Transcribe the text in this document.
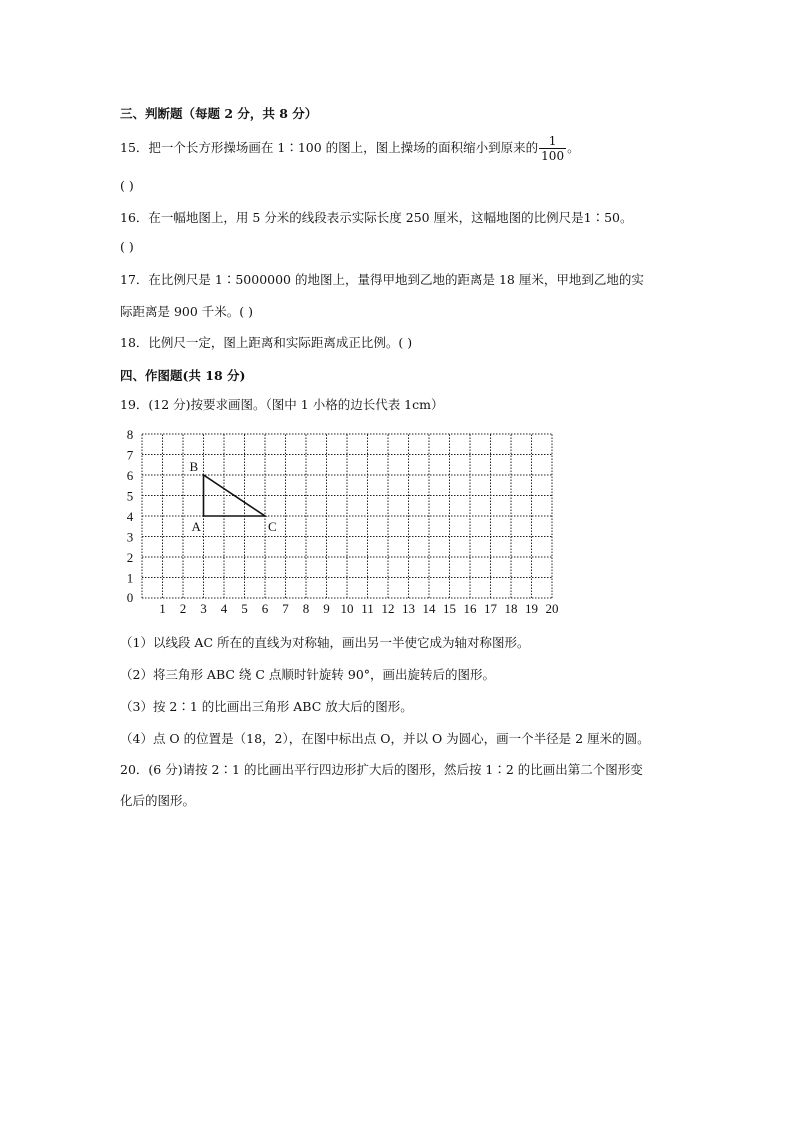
三、判断题（每题 2 分，共 8 分）
15．把一个长方形操场画在 1∶100 的图上，图上操场的面积缩小到原来的 $\frac{1}{100}$ 。
( )
16．在一幅地图上，用 5 分米的线段表示实际长度 250 厘米，这幅地图的比例尺是1∶50。
( )
17．在比例尺是 1∶5000000 的地图上，量得甲地到乙地的距离是 18 厘米，甲地到乙地的实
际距离是 900 千米。( )
18．比例尺一定，图上距离和实际距离成正比例。( )
四、作图题(共 18 分)
19．(12 分)按要求画图。（图中 1 小格的边长代表 1cm）
1 2 3 4 5 6 7 8 9 10 11 12 13 14 15 16 17 18 19 20
0
1
2
3
4
5
6
7
8
A
B
C
（1）以线段 AC 所在的直线为对称轴，画出另一半使它成为轴对称图形。
（2）将三角形 ABC 绕 C 点顺时针旋转 90°，画出旋转后的图形。
（3）按 2∶1 的比画出三角形 ABC 放大后的图形。
（4）点 O 的位置是（18，2），在图中标出点 O，并以 O 为圆心，画一个半径是 2 厘米的圆。
20．(6 分)请按 2∶1 的比画出平行四边形扩大后的图形，然后按 1∶2 的比画出第二个图形变
化后的图形。
